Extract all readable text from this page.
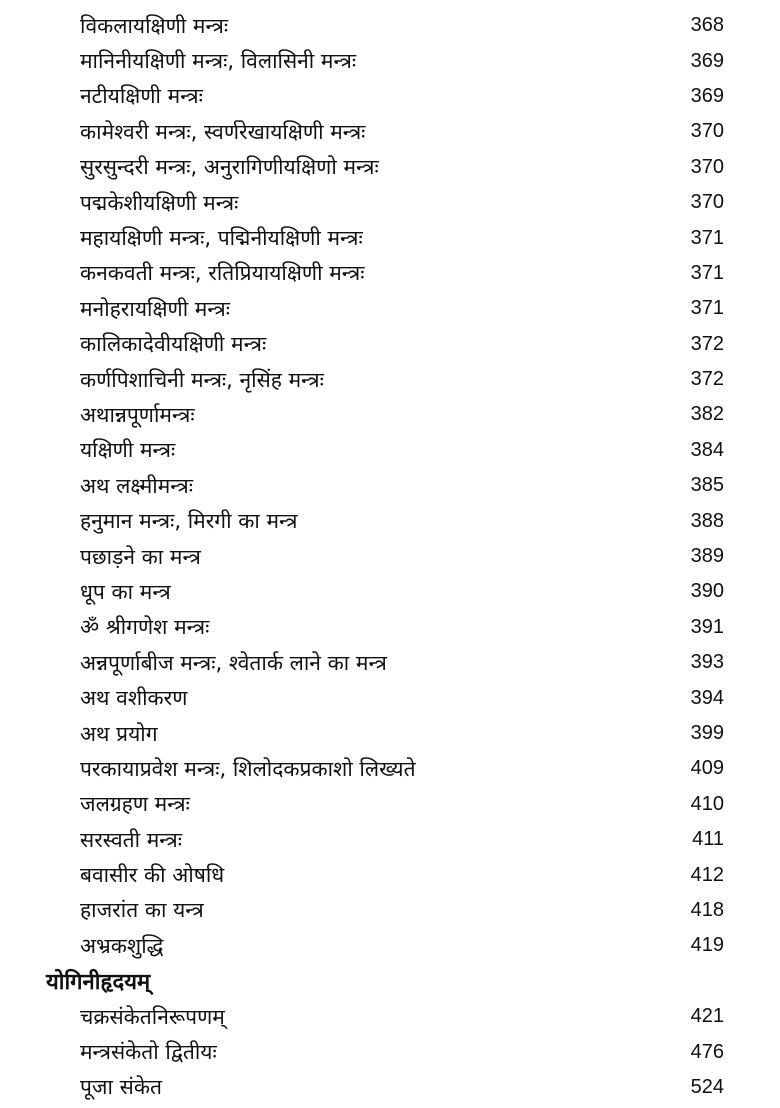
विकलायक्षिणी मन्त्रः	368
मानिनीयक्षिणी मन्त्रः, विलासिनी मन्त्रः	369
नटीयक्षिणी मन्त्रः	369
कामेश्वरी मन्त्रः, स्वर्णरेखायक्षिणी मन्त्रः	370
सुरसुन्दरी मन्त्रः, अनुरागिणीयक्षिणो मन्त्रः	370
पद्मकेशीयक्षिणी मन्त्रः	370
महायक्षिणी मन्त्रः, पद्मिनीयक्षिणी मन्त्रः	371
कनकवती मन्त्रः, रतिप्रियायक्षिणी मन्त्रः	371
मनोहरायक्षिणी मन्त्रः	371
कालिकादेवीयक्षिणी मन्त्रः	372
कर्णपिशाचिनी मन्त्रः, नृसिंह मन्त्रः	372
अथान्नपूर्णामन्त्रः	382
यक्षिणी मन्त्रः	384
अथ लक्ष्मीमन्त्रः	385
हनुमान मन्त्रः, मिरगी का मन्त्र	388
पछाड़ने का मन्त्र	389
धूप का मन्त्र	390
ॐ श्रीगणेश मन्त्रः	391
अन्नपूर्णाबीज मन्त्रः, श्वेतार्क लाने का मन्त्र	393
अथ वशीकरण	394
अथ प्रयोग	399
परकायाप्रवेश मन्त्रः, शिलोदकप्रकाशो लिख्यते	409
जलग्रहण मन्त्रः	410
सरस्वती मन्त्रः	411
बवासीर की ओषधि	412
हाजरांत का यन्त्र	418
अभ्रकशुद्धि	419
योगिनीहृदयम्
चक्रसंकेतनिरूपणम्	421
मन्त्रसंकेतो द्वितीयः	476
पूजा संकेत	524
